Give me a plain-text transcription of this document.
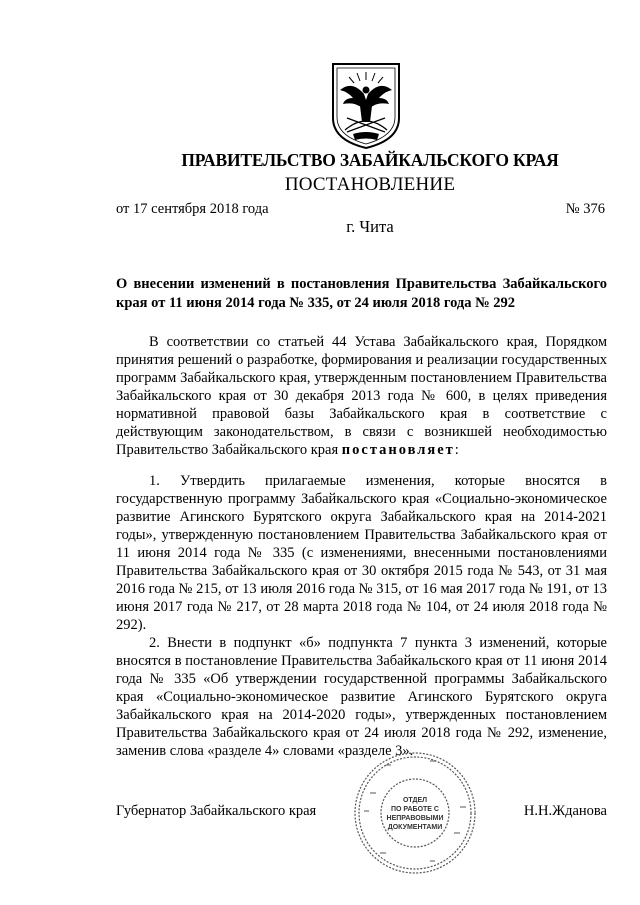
ПРАВИТЕЛЬСТВО ЗАБАЙКАЛЬСКОГО КРАЯ
ПОСТАНОВЛЕНИЕ
от 17 сентября 2018 года	№ 376
г. Чита
О внесении изменений в постановления Правительства Забайкальского края от 11 июня 2014 года № 335, от 24 июля 2018 года № 292

В соответствии со статьей 44 Устава Забайкальского края, Порядком принятия решений о разработке, формирования и реализации государственных программ Забайкальского края, утвержденным постановлением Правительства Забайкальского края от 30 декабря 2013 года № 600, в целях приведения нормативной правовой базы Забайкальского края в соответствие с действующим законодательством, в связи с возникшей необходимостью Правительство Забайкальского края постановляет:

1. Утвердить прилагаемые изменения, которые вносятся в государственную программу Забайкальского края «Социально-экономическое развитие Агинского Бурятского округа Забайкальского края на 2014-2021 годы», утвержденную постановлением Правительства Забайкальского края от 11 июня 2014 года № 335 (с изменениями, внесенными постановлениями Правительства Забайкальского края от 30 октября 2015 года № 543, от 31 мая 2016 года № 215, от 13 июля 2016 года № 315, от 16 мая 2017 года № 191, от 13 июня 2017 года № 217, от 28 марта 2018 года № 104, от 24 июля 2018 года № 292).

2. Внести в подпункт «б» подпункта 7 пункта 3 изменений, которые вносятся в постановление Правительства Забайкальского края от 11 июня 2014 года № 335 «Об утверждении государственной программы Забайкальского края «Социально-экономическое развитие Агинского Бурятского округа Забайкальского края на 2014-2020 годы», утвержденных постановлением Правительства Забайкальского края от 24 июля 2018 года № 292, изменение, заменив слова «разделе 4» словами «разделе 3».

Губернатор Забайкальского края	Н.Н.Жданова
ОТДЕЛ
ПО РАБОТЕ С
НЕПРАВОВЫМИ
ДОКУМЕНТАМИ
